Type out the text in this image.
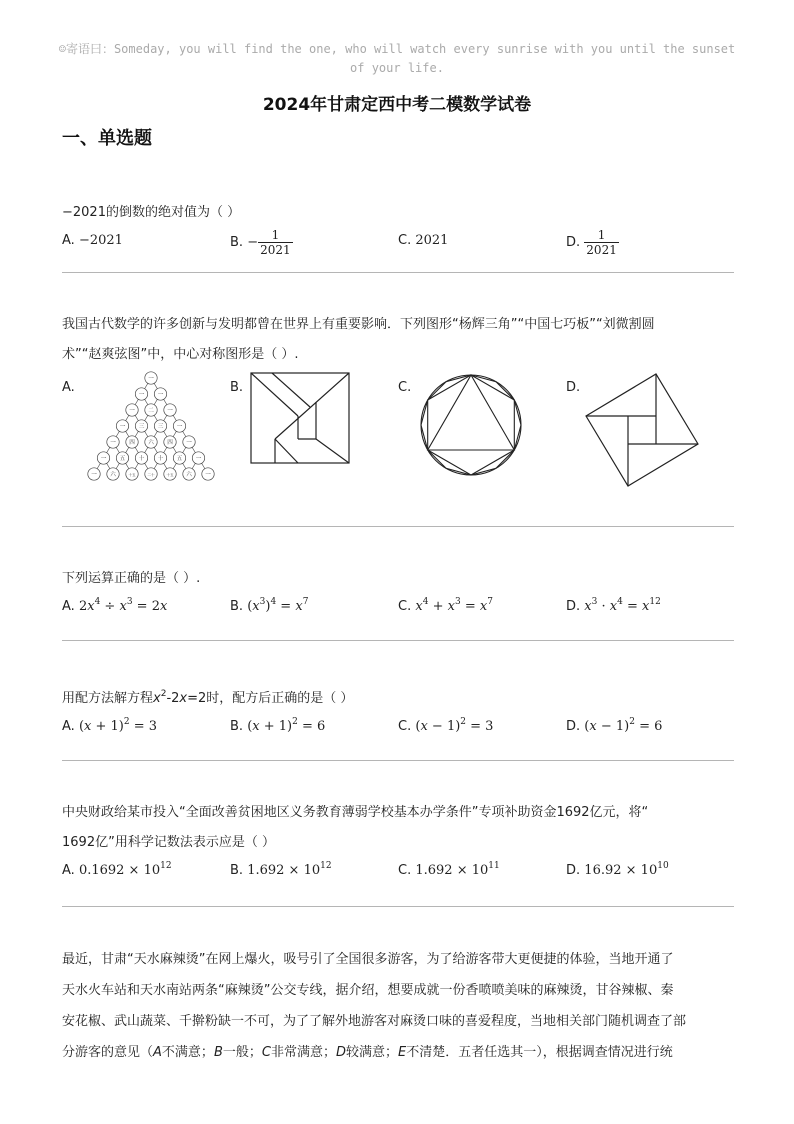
☺寄语曰：Someday, you will find the one, who will watch every sunrise with you until the sunset
of your life.
2024年甘肃定西中考二模数学试卷
一、单选题
−2021的倒数的绝对值为（ ）
A. −2021	B. − $\frac{1}{2021}$	C. 2021	D. $\frac{1}{2021}$
我国古代数学的许多创新与发明都曾在世界上有重要影响．下列图形“杨辉三角”“中国七巧板”“刘微割圆
术”“赵爽弦图”中，中心对称图形是（ ）.
A.
一
一 一
一 二 一
一 三 三 一
一 四 六 四 一
一 五 十 十 五 一
一 六	十五	二十	十五 六 一
B.	C.	D.
下列运算正确的是（ ）.
A. $2x^4 \div x^3 = 2x$	B. $(x^3)^4 = x^7$	C. $x^4 + x^3 = x^7$	D. $x^3 \cdot x^4 = x^{12}$
用配方法解方程$x^2-2x=2$时，配方后正确的是（ ）
A. $(x + 1)^2 = 3$	B. $(x + 1)^2 = 6$	C. $(x - 1)^2 = 3$	D. $(x - 1)^2 = 6$
中央财政给某市投入“全面改善贫困地区义务教育薄弱学校基本办学条件”专项补助资金1692亿元，将“
1692亿”用科学记数法表示应是（ ）
A. $0.1692 \times 10^{12}$	B. $1.692 \times 10^{12}$	C. $1.692 \times 10^{11}$	D. $16.92 \times 10^{10}$
最近，甘肃“天水麻辣烫”在网上爆火，吸号引了全国很多游客，为了给游客带大更便捷的体验，当地开通了
天水火车站和天水南站两条“麻辣烫”公交专线，据介绍，想要成就一份香喷喷美味的麻辣烫，甘谷辣椒、秦
安花椒、武山蔬菜、千擀粉缺一不可，为了了解外地游客对麻烫口味的喜爱程度，当地相关部门随机调查了部
分游客的意见（A不满意；B一般；C非常满意；D较满意；E不清楚．五者任选其一），根据调查情况进行统
